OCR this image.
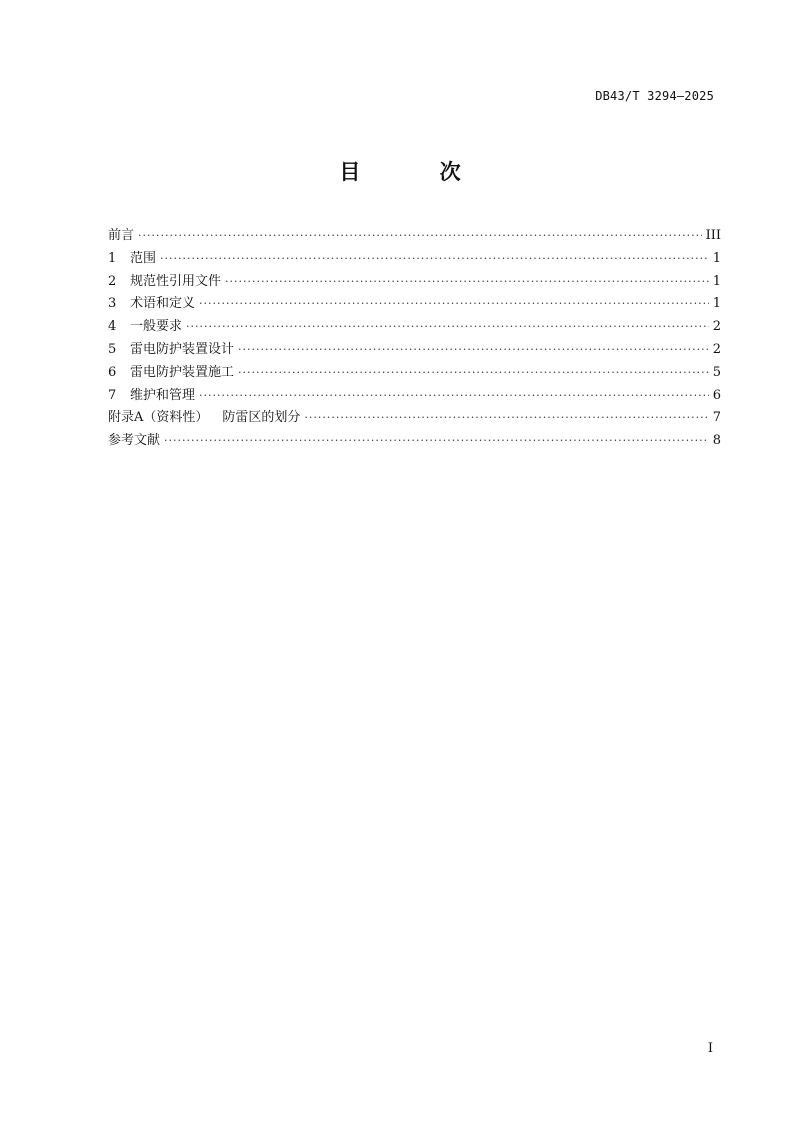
DB43/T 3294—2025
目 次
前言 ·····	III
1	范围 ·····	1
2	规范性引用文件 ·····	1
3	术语和定义 ·····	1
4	一般要求 ·····	2
5	雷电防护装置设计 ·····	2
6	雷电防护装置施工 ·····	5
7	维护和管理 ·····	6
附录A（资料性） 防雷区的划分 ·····	7
参考文献 ·····	8
I
